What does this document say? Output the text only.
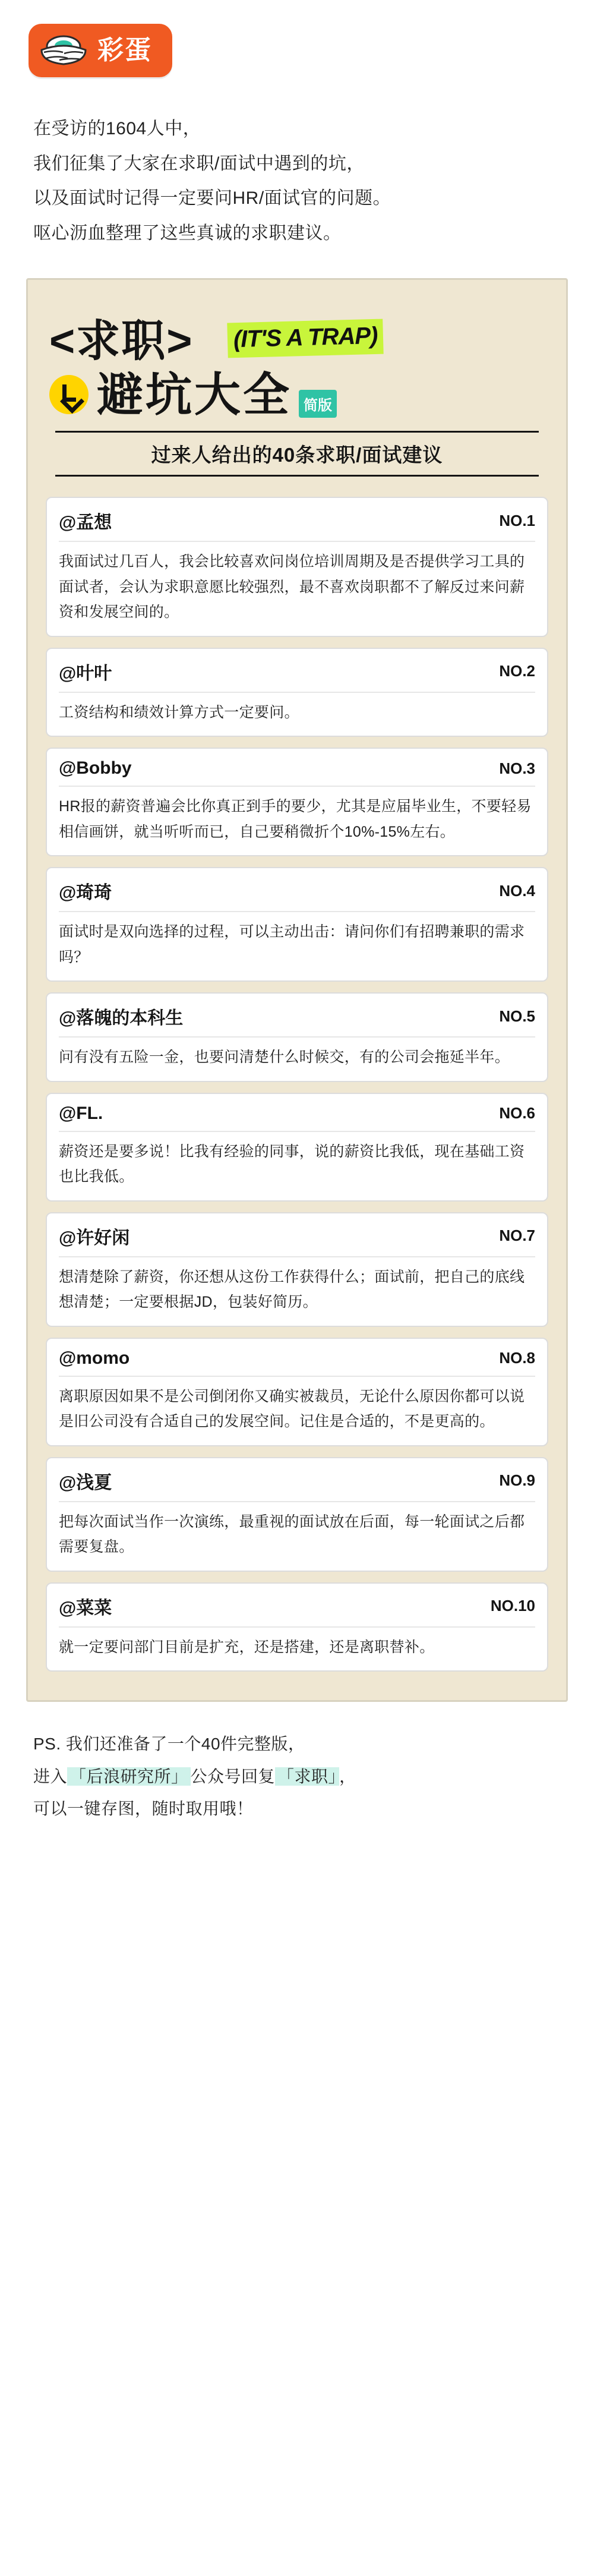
彩蛋

在受访的1604人中，

我们征集了大家在求职/面试中遇到的坑，

以及面试时记得一定要问HR/面试官的问题。

呕心沥血整理了这些真诚的求职建议。

<求职> (IT'S A TRAP)
避坑大全 简版
过来人给出的40条求职/面试建议
@孟想	NO.1
我面试过几百人，我会比较喜欢问岗位培训周期及是否提供学习工具的面试者，会认为求职意愿比较强烈，最不喜欢岗职都不了解反过来问薪资和发展空间的。
@叶叶	NO.2
工资结构和绩效计算方式一定要问。
@Bobby	NO.3
HR报的薪资普遍会比你真正到手的要少，尤其是应届毕业生，不要轻易相信画饼，就当听听而已，自己要稍微折个10%-15%左右。
@琦琦	NO.4
面试时是双向选择的过程，可以主动出击：请问你们有招聘兼职的需求吗？
@落魄的本科生	NO.5
问有没有五险一金，也要问清楚什么时候交，有的公司会拖延半年。
@FL.	NO.6
薪资还是要多说！比我有经验的同事，说的薪资比我低，现在基础工资也比我低。
@许好闲	NO.7
想清楚除了薪资，你还想从这份工作获得什么；面试前，把自己的底线想清楚；一定要根据JD，包装好简历。
@momo	NO.8
离职原因如果不是公司倒闭你又确实被裁员，无论什么原因你都可以说是旧公司没有合适自己的发展空间。记住是合适的，不是更高的。
@浅夏	NO.9
把每次面试当作一次演练，最重视的面试放在后面，每一轮面试之后都需要复盘。
@菜菜	NO.10
就一定要问部门目前是扩充，还是搭建，还是离职替补。

PS. 我们还准备了一个40件完整版，

进入 「后浪研究所」 公众号回复 「求职」 ，

可以一键存图，随时取用哦！
